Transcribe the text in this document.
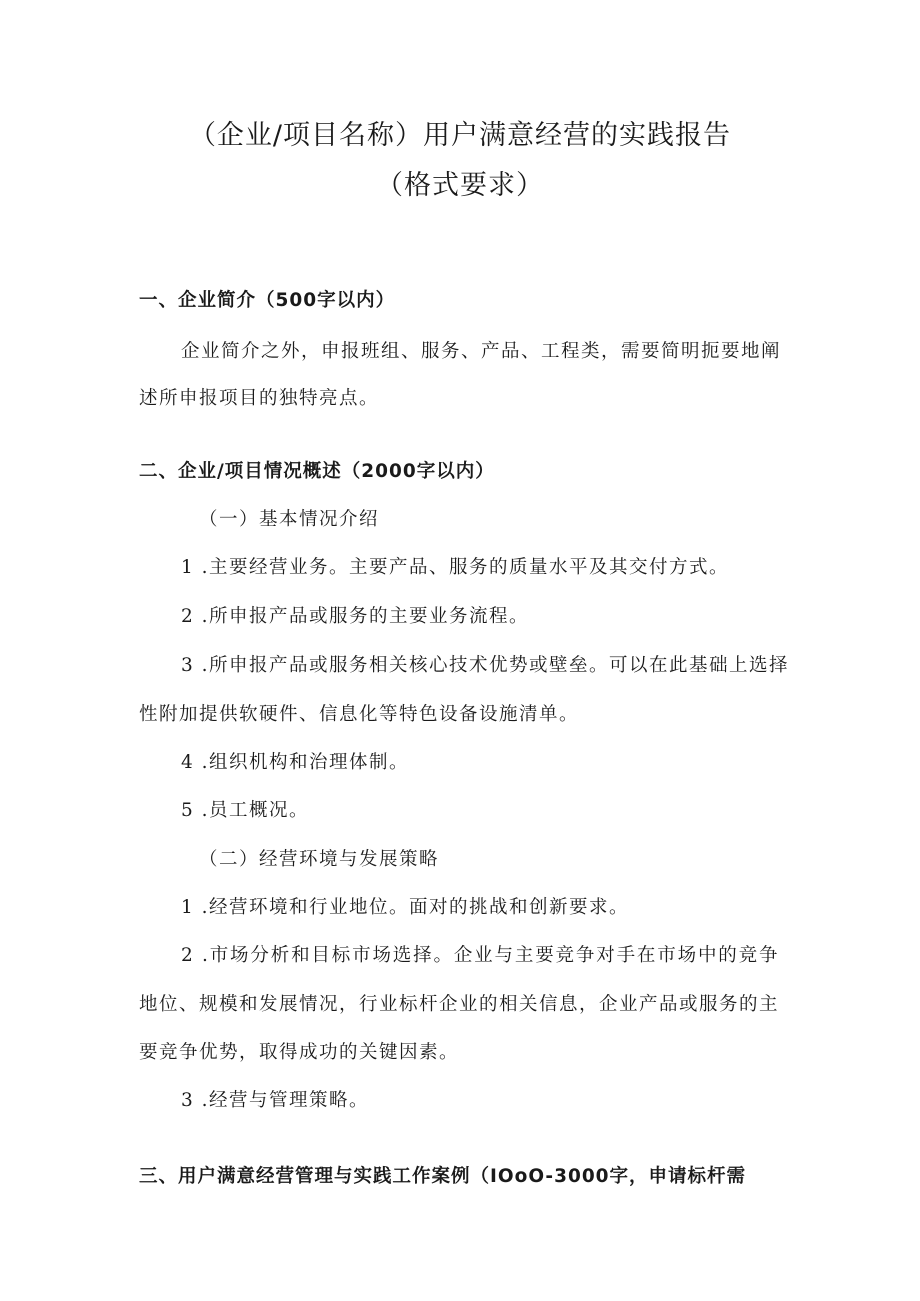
（企业/项目名称）用户满意经营的实践报告
（格式要求）
一、企业简介（500字以内）
企业简介之外，申报班组、服务、产品、工程类，需要简明扼要地阐
述所申报项目的独特亮点。
二、企业/项目情况概述（2000字以内）
（一）基本情况介绍
1 .主要经营业务。主要产品、服务的质量水平及其交付方式。
2 .所申报产品或服务的主要业务流程。
3 .所申报产品或服务相关核心技术优势或壁垒。可以在此基础上选择
性附加提供软硬件、信息化等特色设备设施清单。
4 .组织机构和治理体制。
5 .员工概况。
（二）经营环境与发展策略
1 .经营环境和行业地位。面对的挑战和创新要求。
2 .市场分析和目标市场选择。企业与主要竞争对手在市场中的竞争
地位、规模和发展情况，行业标杆企业的相关信息，企业产品或服务的主
要竞争优势，取得成功的关键因素。
3 .经营与管理策略。
三、用户满意经营管理与实践工作案例（IOoO-3000字，申请标杆需
